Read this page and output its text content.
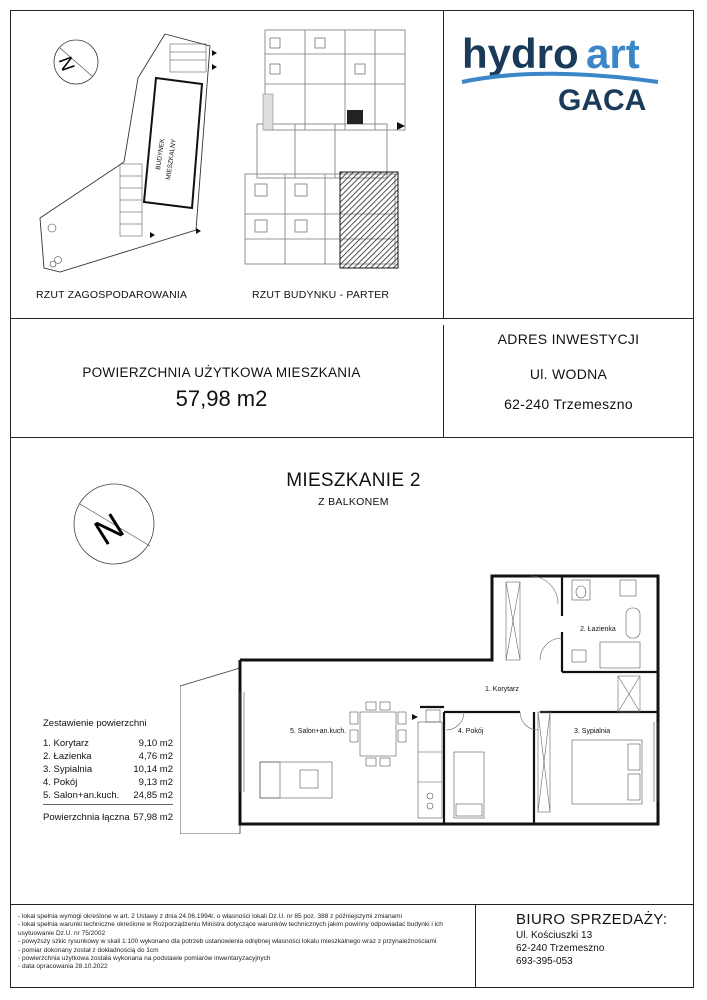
N
BUDYNEK
MIESZKALNY
RZUT ZAGOSPODAROWANIA	RZUT BUDYNKU - PARTER
hydro art
GACA
POWIERZCHNIA UŻYTKOWA MIESZKANIA
57,98 m2
ADRES INWESTYCJI
Ul. WODNA
62-240 Trzemeszno
MIESZKANIE 2
Z BALKONEM
N
1. Korytarz
2. Łazienka
3. Sypialnia
4. Pokój
5. Salon+an.kuch.
Zestawienie powierzchni
1. Korytarz	9,10 m2
2. Łazienka	4,76 m2
3. Sypialnia	10,14 m2
4. Pokój	9,13 m2
5. Salon+an.kuch. 24,85 m2
Powierzchnia łączna 57,98 m2
- lokal spełnia wymogi określone w art. 2 Ustawy z dnia 24.06.1994r. o własności lokali Dz.U. nr 85 poz. 388 z późniejszymi zmianami
- lokal spełnia warunki techniczne określone w Rozporządzeniu Ministra dotyczące warunków technicznych jakim powinny odpowiadać budynki i ich
usytuowanie Dz.U. nr 75/2002
- powyższy szkic rysunkowy w skali 1:100 wykonano dla potrzeb ustanowienia odrębnej własności lokalu mieszkalnego wraz z przynależnościami
- pomiar dokonany został z dokładnością do 1cm
- powierzchnia użytkowa została wykonana na podstawie pomiarów inwentaryzacyjnych
- data opracowania 28.10.2022
BIURO SPRZEDAŻY:
Ul. Kościuszki 13
62-240 Trzemeszno
693-395-053
